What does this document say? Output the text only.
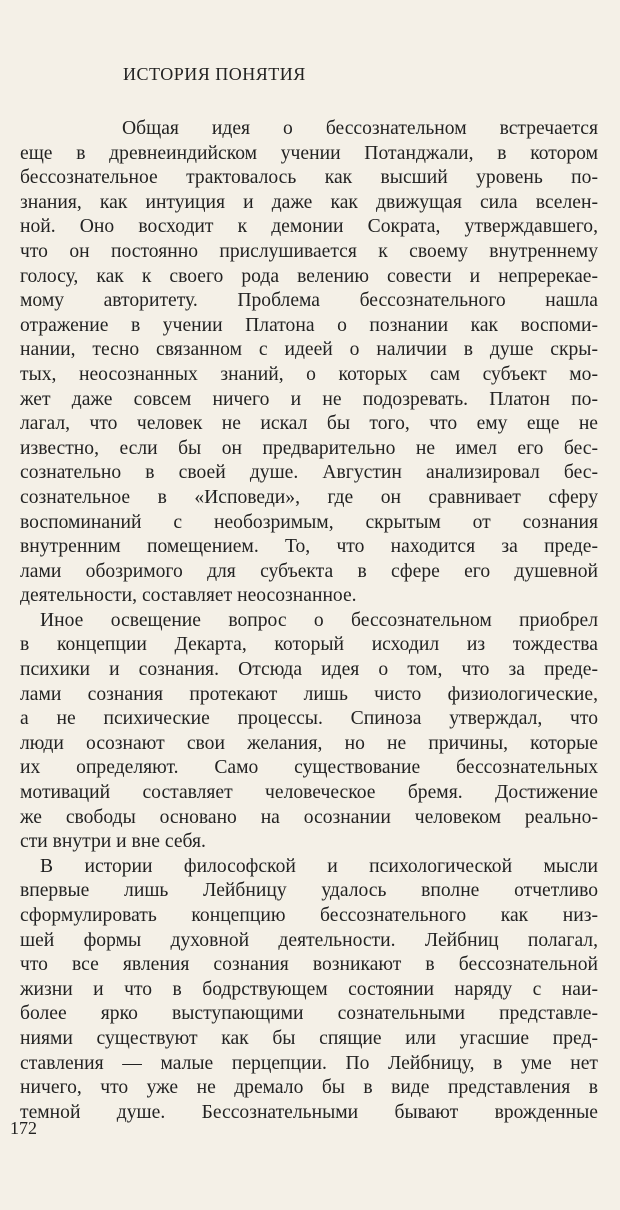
ИСТОРИЯ ПОНЯТИЯ
Общая идея о бессознательном встречается
еще в древнеиндийском учении Потанджали, в котором
бессознательное трактовалось как высший уровень по-
знания, как интуиция и даже как движущая сила вселен-
ной. Оно восходит к демонии Сократа, утверждавшего,
что он постоянно прислушивается к своему внутреннему
голосу, как к своего рода велению совести и непререкае-
мому авторитету. Проблема бессознательного нашла
отражение в учении Платона о познании как воспоми-
нании, тесно связанном с идеей о наличии в душе скры-
тых, неосознанных знаний, о которых сам субъект мо-
жет даже совсем ничего и не подозревать. Платон по-
лагал, что человек не искал бы того, что ему еще не
известно, если бы он предварительно не имел его бес-
сознательно в своей душе. Августин анализировал бес-
сознательное в «Исповеди», где он сравнивает сферу
воспоминаний с необозримым, скрытым от сознания
внутренним помещением. То, что находится за преде-
лами обозримого для субъекта в сфере его душевной
деятельности, составляет неосознанное.
Иное освещение вопрос о бессознательном приобрел
в концепции Декарта, который исходил из тождества
психики и сознания. Отсюда идея о том, что за преде-
лами сознания протекают лишь чисто физиологические,
а не психические процессы. Спиноза утверждал, что
люди осознают свои желания, но не причины, которые
их определяют. Само существование бессознательных
мотиваций составляет человеческое бремя. Достижение
же свободы основано на осознании человеком реально-
сти внутри и вне себя.
В истории философской и психологической мысли
впервые лишь Лейбницу удалось вполне отчетливо
сформулировать концепцию бессознательного как низ-
шей формы духовной деятельности. Лейбниц полагал,
что все явления сознания возникают в бессознательной
жизни и что в бодрствующем состоянии наряду с наи-
более ярко выступающими сознательными представле-
ниями существуют как бы спящие или угасшие пред-
ставления — малые перцепции. По Лейбницу, в уме нет
ничего, что уже не дремало бы в виде представления в
темной душе. Бессознательными бывают врожденные
172
